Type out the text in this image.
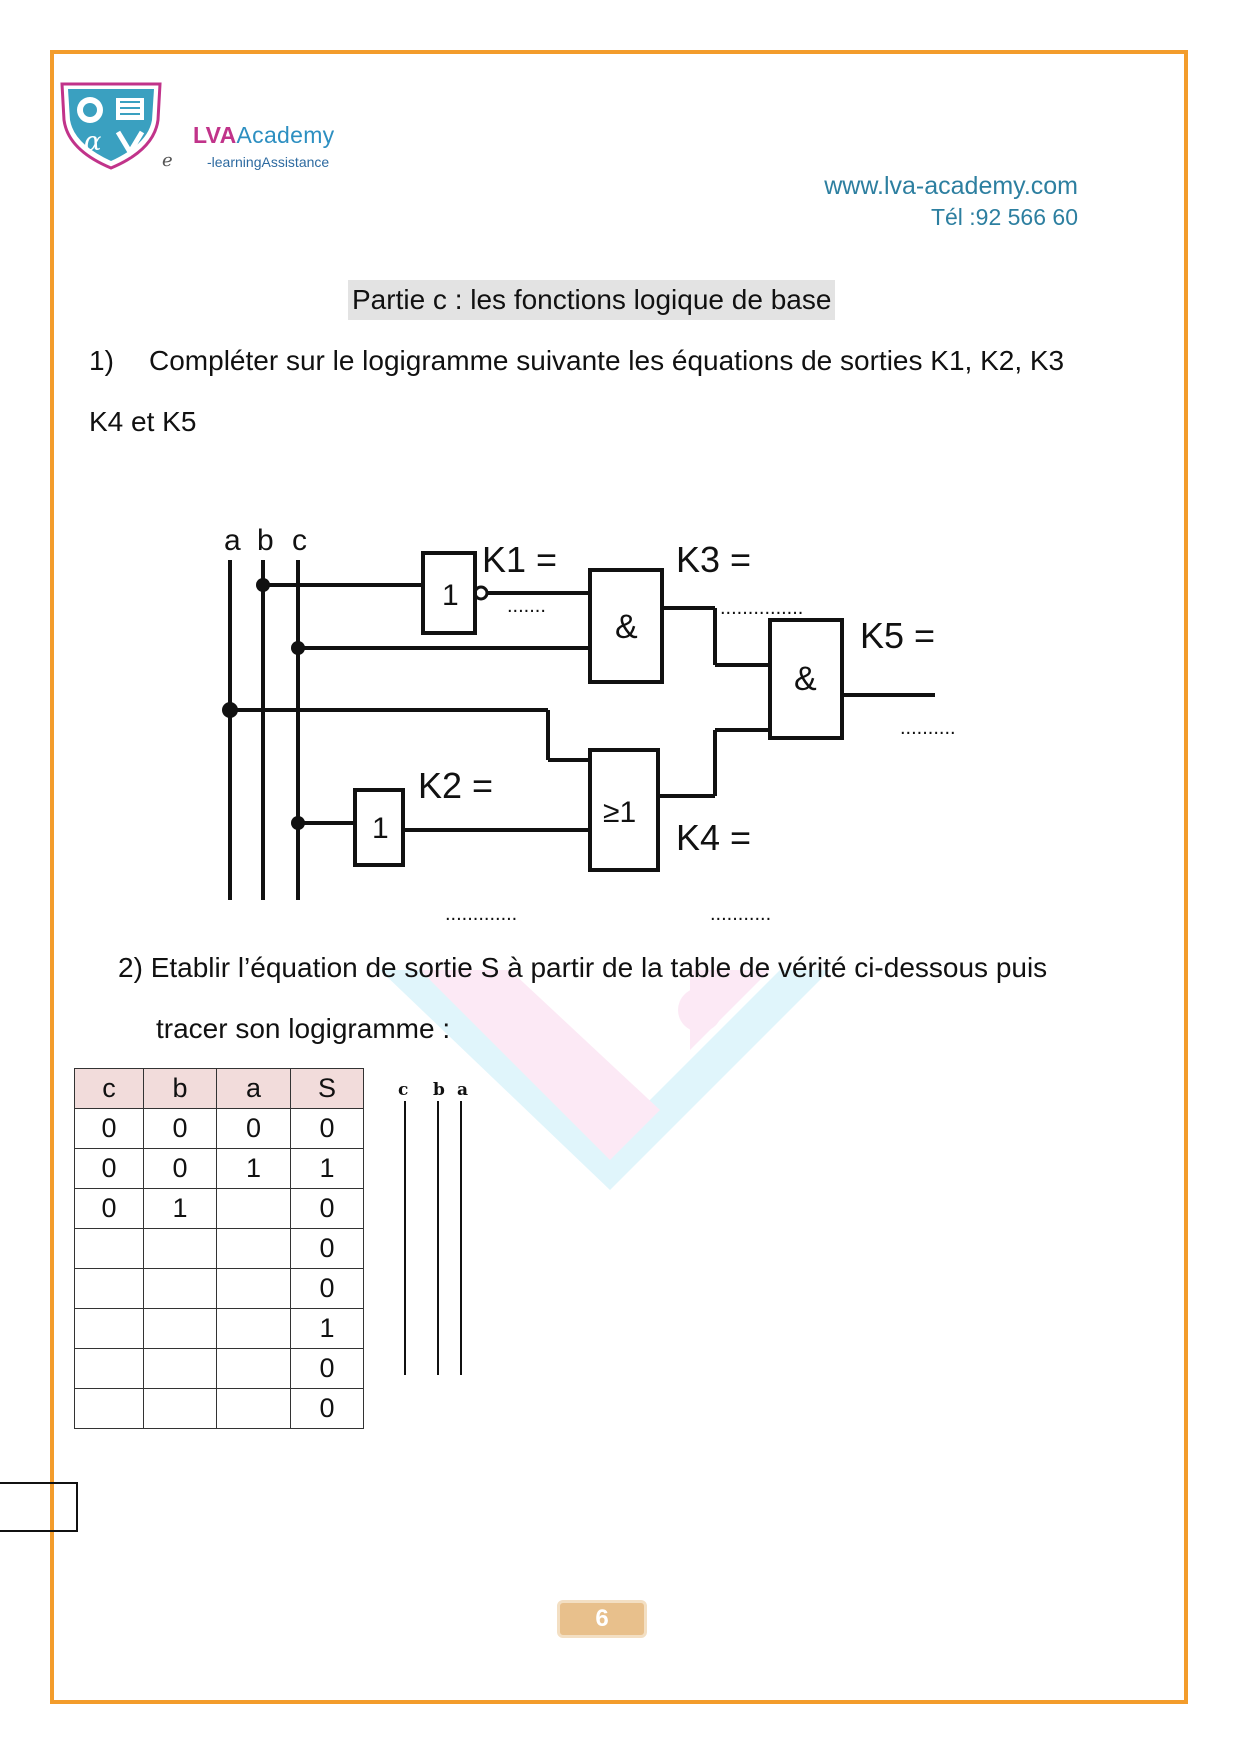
α	LVAAcademy
e -learningAssistance
www.lva-academy.com
Tél :92 566 60
Partie c : les fonctions logique de base
1) Compléter sur le logigramme suivante les équations de sorties K1, K2, K3
K4 et K5
a b c
1
K1 =
.......
&
K3 =
...............
1
K2 =
.............
≥1
K4 =
...........
&
K5 =
..........
2) Etablir l’équation de sortie S à partir de la table de vérité ci-dessous puis
tracer son logigramme :
c	b	a	S
0	0	0	0
0	0	1	1
0	1		0
			0
			0
			1
			0
			0
c b a
6
